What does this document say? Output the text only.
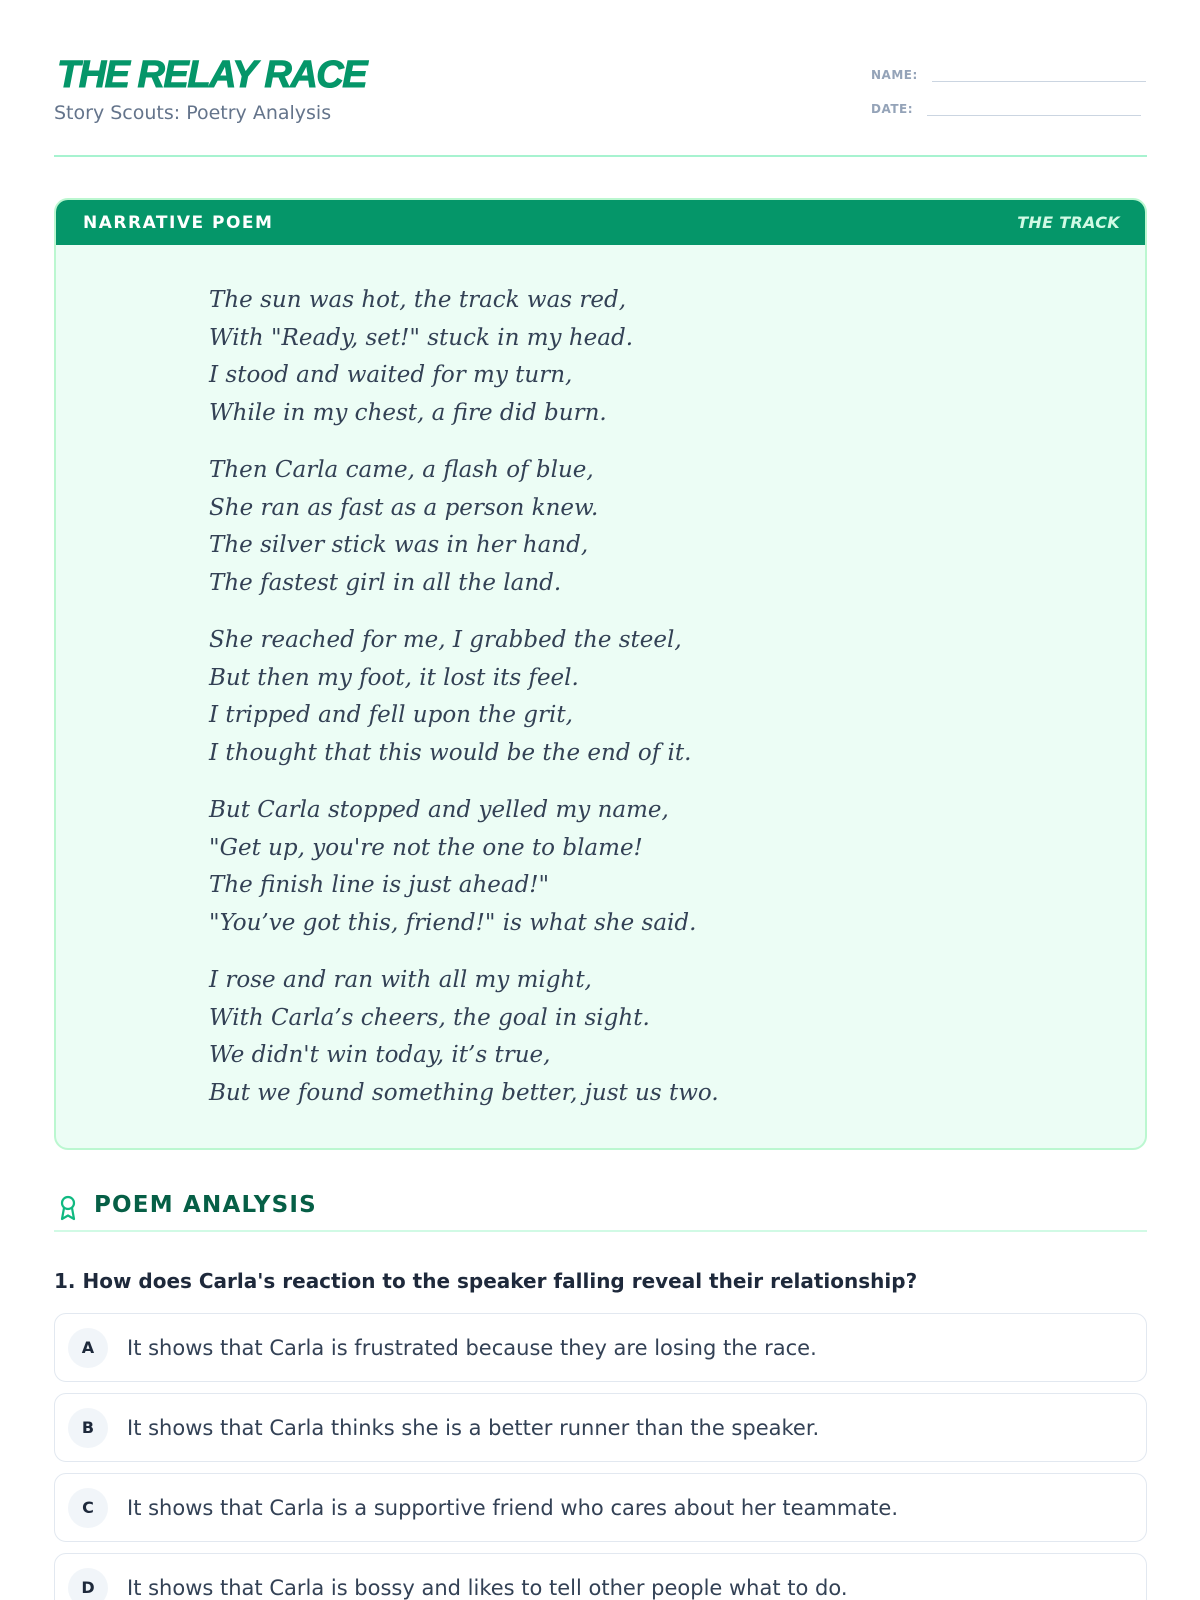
THE RELAY RACE
Story Scouts: Poetry Analysis
NAME:
DATE:
NARRATIVE POEM	THE TRACK
The sun was hot, the track was red,
With "Ready, set!" stuck in my head.
I stood and waited for my turn,
While in my chest, a fire did burn.
Then Carla came, a flash of blue,
She ran as fast as a person knew.
The silver stick was in her hand,
The fastest girl in all the land.
She reached for me, I grabbed the steel,
But then my foot, it lost its feel.
I tripped and fell upon the grit,
I thought that this would be the end of it.
But Carla stopped and yelled my name,
"Get up, you're not the one to blame!
The finish line is just ahead!"
"You’ve got this, friend!" is what she said.
I rose and ran with all my might,
With Carla’s cheers, the goal in sight.
We didn't win today, it’s true,
But we found something better, just us two.
POEM ANALYSIS
1. How does Carla's reaction to the speaker falling reveal their relationship?
A	It shows that Carla is frustrated because they are losing the race.
B	It shows that Carla thinks she is a better runner than the speaker.
C	It shows that Carla is a supportive friend who cares about her teammate.
D	It shows that Carla is bossy and likes to tell other people what to do.
